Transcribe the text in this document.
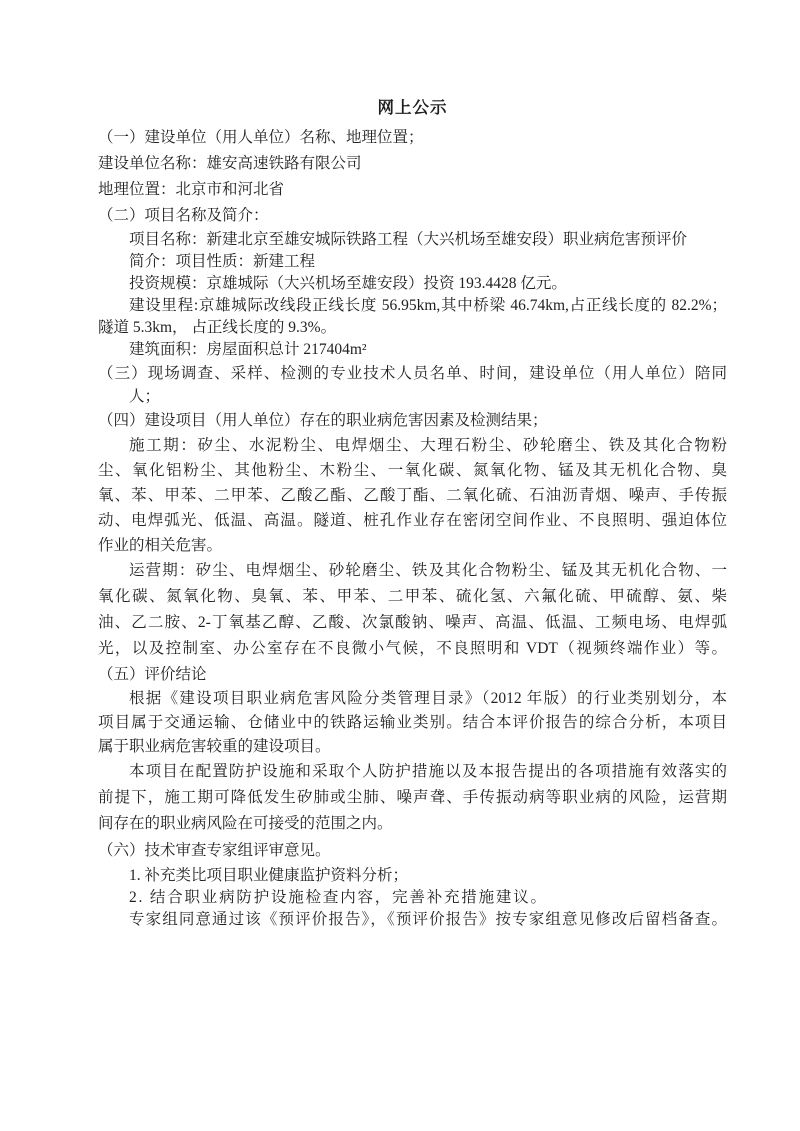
网上公示
（一）建设单位（用人单位）名称、地理位置；
建设单位名称：雄安高速铁路有限公司
地理位置：北京市和河北省
（二）项目名称及简介：
项目名称：新建北京至雄安城际铁路工程（大兴机场至雄安段）职业病危害预评价
简介：项目性质：新建工程
投资规模：京雄城际（大兴机场至雄安段）投资 193.4428 亿元。
建设里程:京雄城际改线段正线长度 56.95km,其中桥梁 46.74km,占正线长度的 82.2%；
隧道 5.3km， 占正线长度的 9.3%。
建筑面积：房屋面积总计 217404m²
（三）现场调查、采样、检测的专业技术人员名单、时间，建设单位（用人单位）陪同
人；
（四）建设项目（用人单位）存在的职业病危害因素及检测结果；
施工期：矽尘、水泥粉尘、电焊烟尘、大理石粉尘、砂轮磨尘、铁及其化合物粉
尘、氧化铝粉尘、其他粉尘、木粉尘、一氧化碳、氮氧化物、锰及其无机化合物、臭
氧、苯、甲苯、二甲苯、乙酸乙酯、乙酸丁酯、二氧化硫、石油沥青烟、噪声、手传振
动、电焊弧光、低温、高温。隧道、桩孔作业存在密闭空间作业、不良照明、强迫体位
作业的相关危害。
运营期：矽尘、电焊烟尘、砂轮磨尘、铁及其化合物粉尘、锰及其无机化合物、一
氧化碳、氮氧化物、臭氧、苯、甲苯、二甲苯、硫化氢、六氟化硫、甲硫醇、氨、柴
油、乙二胺、2-丁氧基乙醇、乙酸、次氯酸钠、噪声、高温、低温、工频电场、电焊弧
光，以及控制室、办公室存在不良微小气候，不良照明和 VDT（视频终端作业）等。
（五）评价结论
根据《建设项目职业病危害风险分类管理目录》（2012 年版）的行业类别划分，本
项目属于交通运输、仓储业中的铁路运输业类别。结合本评价报告的综合分析，本项目
属于职业病危害较重的建设项目。
本项目在配置防护设施和采取个人防护措施以及本报告提出的各项措施有效落实的
前提下，施工期可降低发生矽肺或尘肺、噪声聋、手传振动病等职业病的风险，运营期
间存在的职业病风险在可接受的范围之内。
（六）技术审查专家组评审意见。
1. 补充类比项目职业健康监护资料分析；
2. 结合职业病防护设施检查内容，完善补充措施建议。
专家组同意通过该《预评价报告》，《预评价报告》按专家组意见修改后留档备查。
